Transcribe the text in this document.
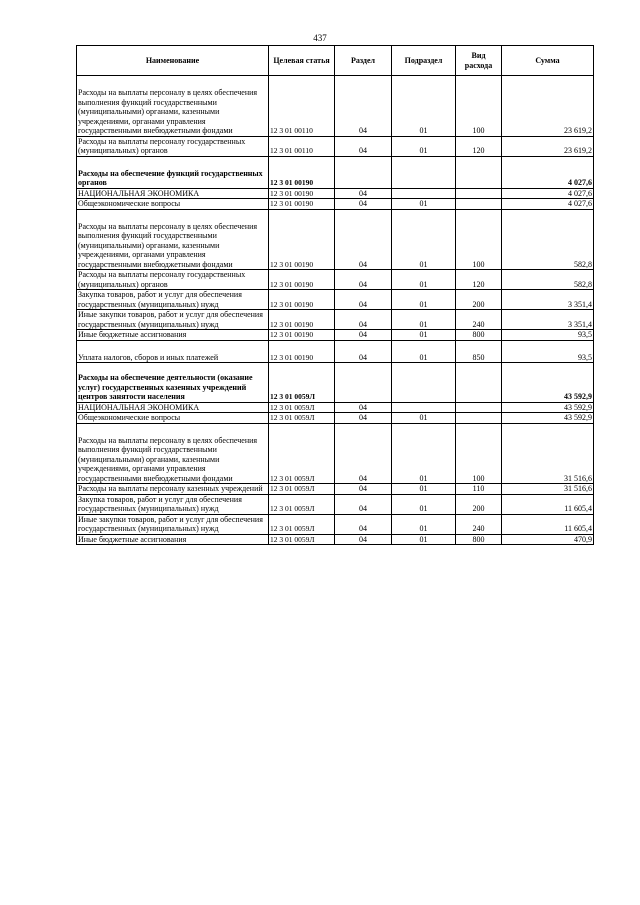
437
Наименование	Целевая статья	Раздел	Подраздел	Вид расхода	Сумма
Расходы на выплаты персоналу в целях обеспечения выполнения функций государственными (муниципальными) органами, казенными учреждениями, органами управления государственными внебюджетными фондами	12 3 01 00110	04	01	100	23 619,2
Расходы на выплаты персоналу государственных (муниципальных) органов	12 3 01 00110	04	01	120	23 619,2
Расходы на обеспечение функций государственных органов	12 3 01 00190				4 027,6
НАЦИОНАЛЬНАЯ ЭКОНОМИКА	12 3 01 00190	04			4 027,6
Общеэкономические вопросы	12 3 01 00190	04	01		4 027,6
Расходы на выплаты персоналу в целях обеспечения выполнения функций государственными (муниципальными) органами, казенными учреждениями, органами управления государственными внебюджетными фондами	12 3 01 00190	04	01	100	582,8
Расходы на выплаты персоналу государственных (муниципальных) органов	12 3 01 00190	04	01	120	582,8
Закупка товаров, работ и услуг для обеспечения государственных (муниципальных) нужд	12 3 01 00190	04	01	200	3 351,4
Иные закупки товаров, работ и услуг для обеспечения государственных (муниципальных) нужд	12 3 01 00190	04	01	240	3 351,4
Иные бюджетные ассигнования	12 3 01 00190	04	01	800	93,5
Уплата налогов, сборов и иных платежей	12 3 01 00190	04	01	850	93,5
Расходы на обеспечение деятельности (оказание услуг) государственных казенных учреждений центров занятости населения	12 3 01 0059Л				43 592,9
НАЦИОНАЛЬНАЯ ЭКОНОМИКА	12 3 01 0059Л	04			43 592,9
Общеэкономические вопросы	12 3 01 0059Л	04	01		43 592,9
Расходы на выплаты персоналу в целях обеспечения выполнения функций государственными (муниципальными) органами, казенными учреждениями, органами управления государственными внебюджетными фондами	12 3 01 0059Л	04	01	100	31 516,6
Расходы на выплаты персоналу казенных учреждений	12 3 01 0059Л	04	01	110	31 516,6
Закупка товаров, работ и услуг для обеспечения государственных (муниципальных) нужд	12 3 01 0059Л	04	01	200	11 605,4
Иные закупки товаров, работ и услуг для обеспечения государственных (муниципальных) нужд	12 3 01 0059Л	04	01	240	11 605,4
Иные бюджетные ассигнования	12 3 01 0059Л	04	01	800	470,9
